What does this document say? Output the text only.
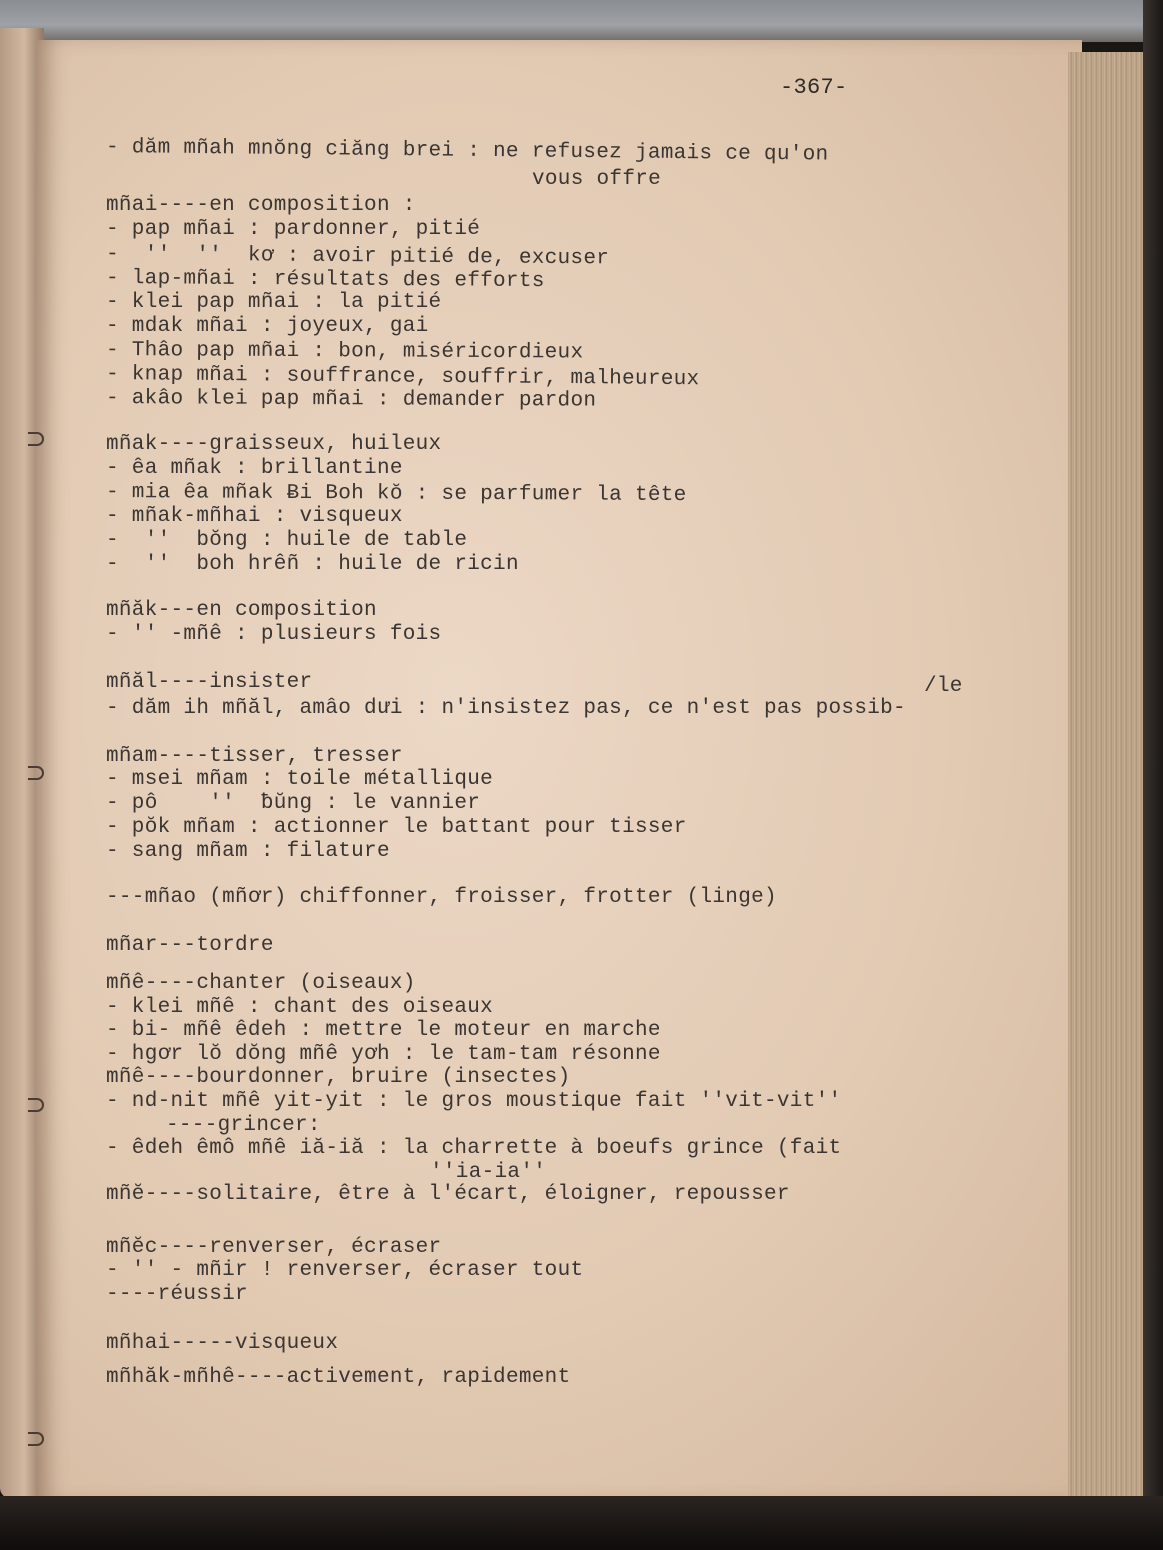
-367-
- dăm mñah mnŏng ciăng brei : ne refusez jamais ce qu'on
vous offre
mñai----en composition :
- pap mñai : pardonner, pitié
-  ''  ''  kơ : avoir pitié de, excuser
- lap-mñai : résultats des efforts
- klei pap mñai : la pitié
- mdak mñai : joyeux, gai
- Thâo pap mñai : bon, miséricordieux
- knap mñai : souffrance, souffrir, malheureux
- akâo klei pap mñai : demander pardon
mñak----graisseux, huileux
- êa mñak : brillantine
- mia êa mñak Ƀi Boh kŏ : se parfumer la tête
- mñak-mñhai : visqueux
-  ''  bŏng : huile de table
-  ''  boh hrêñ : huile de ricin
mñăk---en composition
- '' -mñê : plusieurs fois
mñăl----insister	/le
- dăm ih mñăl, amâo dưi : n'insistez pas, ce n'est pas possib-
mñam----tisser, tresser
- msei mñam : toile métallique
- pô    ''  ƀŭng : le vannier
- pŏk mñam : actionner le battant pour tisser
- sang mñam : filature
---mñao (mñơr) chiffonner, froisser, frotter (linge)
mñar---tordre
mñê----chanter (oiseaux)
- klei mñê : chant des oiseaux
- bi- mñê êdeh : mettre le moteur en marche
- hgơr lŏ dŏng mñê yơh : le tam-tam résonne
mñê----bourdonner, bruire (insectes)
- nd-nit mñê yit-yit : le gros moustique fait ''vit-vit''
----grincer:
- êdeh êmô mñê iă-iă : la charrette à boeufs grince (fait
''ia-ia''
mñĕ----solitaire, être à l'écart, éloigner, repousser
mñĕc----renverser, écraser
- '' - mñir ! renverser, écraser tout
----réussir
mñhai-----visqueux
mñhăk-mñhê----activement, rapidement
